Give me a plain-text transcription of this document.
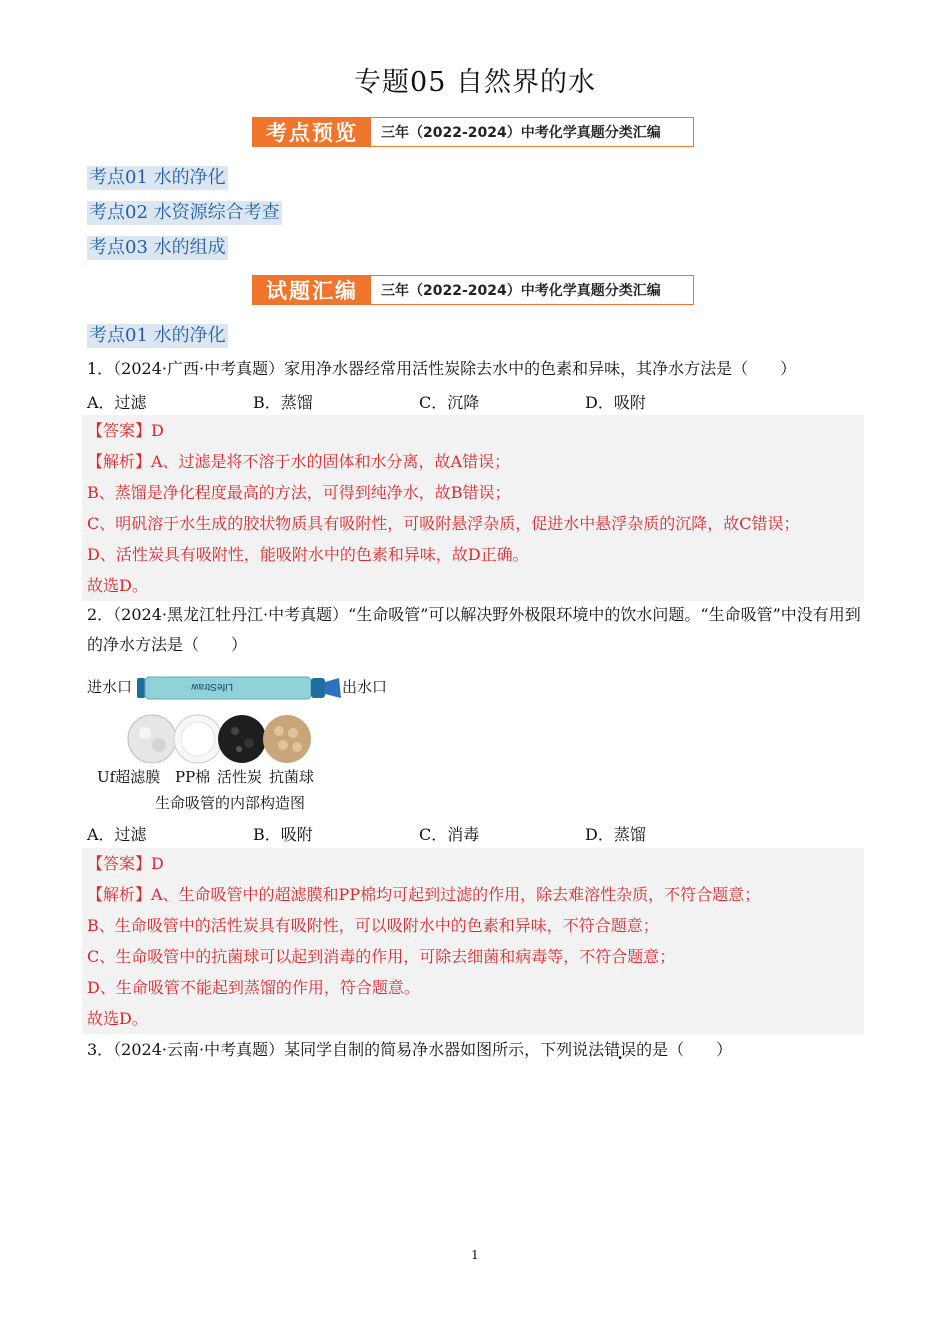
专题05 自然界的水
考点预览	三年（2022-2024）中考化学真题分类汇编
考点01 水的净化
考点02 水资源综合考查
考点03 水的组成
试题汇编	三年（2022-2024）中考化学真题分类汇编
考点01 水的净化
1．（2024·广西·中考真题）家用净水器经常用活性炭除去水中的色素和异味，其净水方法是（　　）
A．过滤	B．蒸馏	C．沉降	D．吸附

【答案】D

【解析】A、过滤是将不溶于水的固体和水分离，故A错误；

B、蒸馏是净化程度最高的方法，可得到纯净水，故B错误；

C、明矾溶于水生成的胶状物质具有吸附性，可吸附悬浮杂质，促进水中悬浮杂质的沉降，故C错误；

D、活性炭具有吸附性，能吸附水中的色素和异味，故D正确。

故选D。

2．（2024·黑龙江牡丹江·中考真题）“生命吸管”可以解决野外极限环境中的饮水问题。“生命吸管”中没有用到的净水方法是（　　）
进水口	LifeStraw	出水口
Uf超滤膜 PP棉 活性炭 抗菌球
生命吸管的内部构造图
A．过滤	B．吸附	C．消毒	D．蒸馏

【答案】D

【解析】A、生命吸管中的超滤膜和PP棉均可起到过滤的作用，除去难溶性杂质，不符合题意；

B、生命吸管中的活性炭具有吸附性，可以吸附水中的色素和异味，不符合题意；

C、生命吸管中的抗菌球可以起到消毒的作用，可除去细菌和病毒等，不符合题意；

D、生命吸管不能起到蒸馏的作用，符合题意。

故选D。

3．（2024·云南·中考真题）某同学自制的简易净水器如图所示，下列说法错误的是（　　）
1
